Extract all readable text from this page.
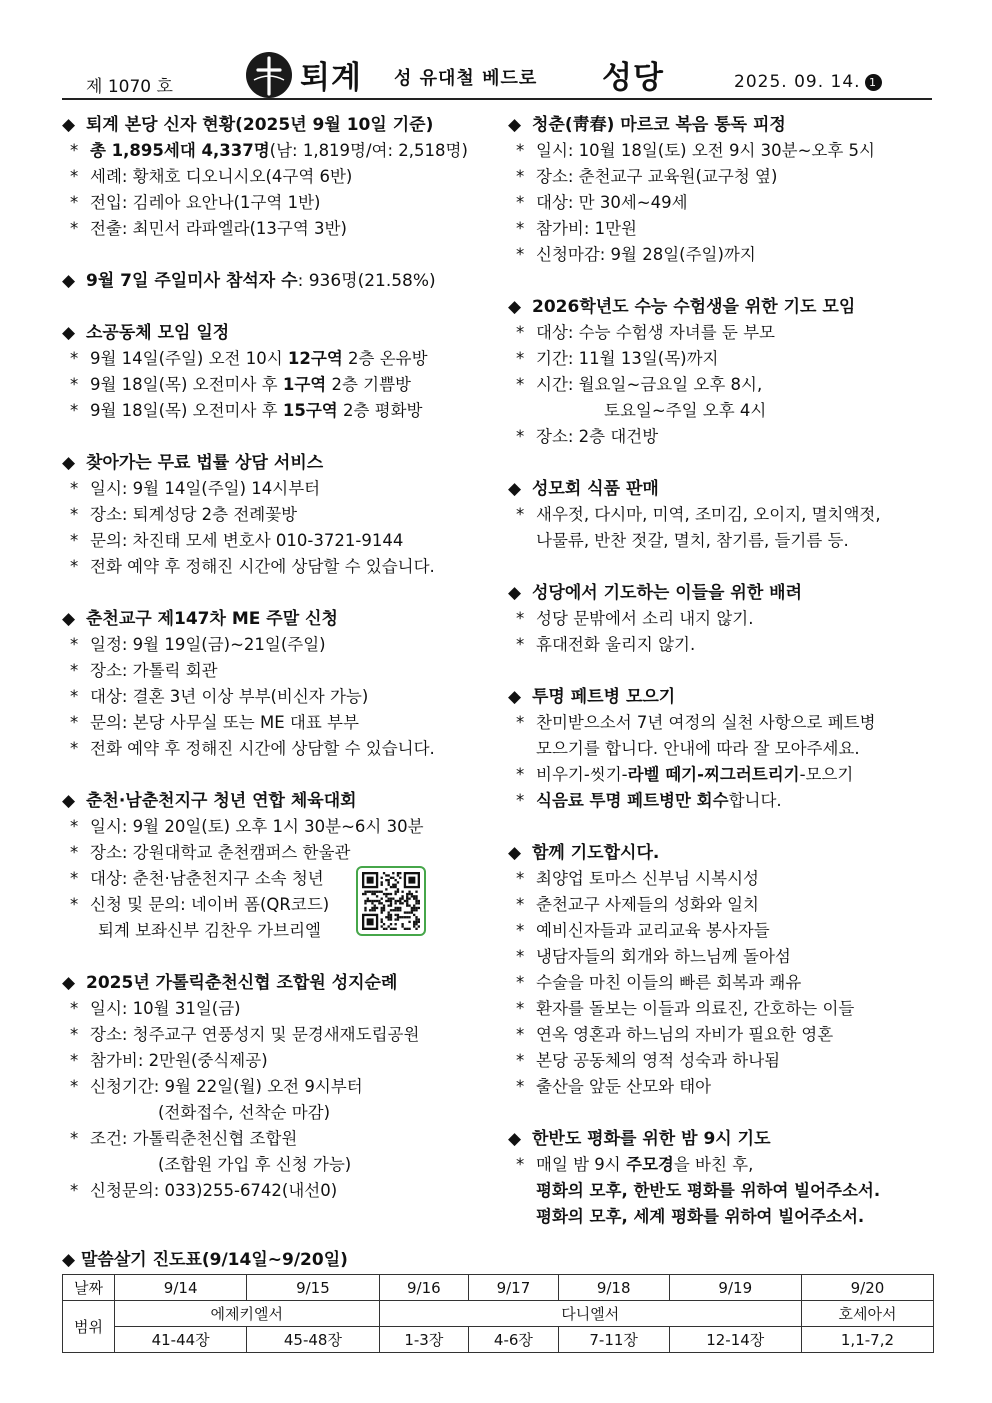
제 1070 호	퇴계 성 유대철 베드로 성당	2025. 09. 14. 1
◆ 퇴계 본당 신자 현황(2025년 9월 10일 기준)
* 총 1,895세대 4,337명(남: 1,819명/여: 2,518명)
* 세례: 황채호 디오니시오(4구역 6반)
* 전입: 김레아 요안나(1구역 1반)
* 전출: 최민서 라파엘라(13구역 3반)
◆ 9월 7일 주일미사 참석자 수: 936명(21.58%)
◆ 소공동체 모임 일정
* 9월 14일(주일) 오전 10시 12구역 2층 온유방
* 9월 18일(목) 오전미사 후 1구역 2층 기쁨방
* 9월 18일(목) 오전미사 후 15구역 2층 평화방
◆ 찾아가는 무료 법률 상담 서비스
* 일시: 9월 14일(주일) 14시부터
* 장소: 퇴계성당 2층 전례꽃방
* 문의: 차진태 모세 변호사 010-3721-9144
* 전화 예약 후 정해진 시간에 상담할 수 있습니다.
◆ 춘천교구 제147차 ME 주말 신청
* 일정: 9월 19일(금)~21일(주일)
* 장소: 가톨릭 회관
* 대상: 결혼 3년 이상 부부(비신자 가능)
* 문의: 본당 사무실 또는 ME 대표 부부
* 전화 예약 후 정해진 시간에 상담할 수 있습니다.
◆ 춘천·남춘천지구 청년 연합 체육대회
* 일시: 9월 20일(토) 오후 1시 30분~6시 30분
* 장소: 강원대학교 춘천캠퍼스 한울관
* 대상: 춘천·남춘천지구 소속 청년
* 신청 및 문의: 네이버 폼(QR코드)
퇴계 보좌신부 김찬우 가브리엘
◆ 2025년 가톨릭춘천신협 조합원 성지순례
* 일시: 10월 31일(금)
* 장소: 청주교구 연풍성지 및 문경새재도립공원
* 참가비: 2만원(중식제공)
* 신청기간: 9월 22일(월) 오전 9시부터
(전화접수, 선착순 마감)
* 조건: 가톨릭춘천신협 조합원
(조합원 가입 후 신청 가능)
* 신청문의: 033)255-6742(내선0)
◆ 청춘(靑春) 마르코 복음 통독 피정
* 일시: 10월 18일(토) 오전 9시 30분~오후 5시
* 장소: 춘천교구 교육원(교구청 옆)
* 대상: 만 30세~49세
* 참가비: 1만원
* 신청마감: 9월 28일(주일)까지
◆ 2026학년도 수능 수험생을 위한 기도 모임
* 대상: 수능 수험생 자녀를 둔 부모
* 기간: 11월 13일(목)까지
* 시간: 월요일~금요일 오후 8시,
토요일~주일 오후 4시
* 장소: 2층 대건방
◆ 성모회 식품 판매
* 새우젓, 다시마, 미역, 조미김, 오이지, 멸치액젓,
나물류, 반찬 젓갈, 멸치, 참기름, 들기름 등.
◆ 성당에서 기도하는 이들을 위한 배려
* 성당 문밖에서 소리 내지 않기.
* 휴대전화 울리지 않기.
◆ 투명 페트병 모으기
* 찬미받으소서 7년 여정의 실천 사항으로 페트병
모으기를 합니다. 안내에 따라 잘 모아주세요.
* 비우기-씻기-라벨 떼기-찌그러트리기-모으기
* 식음료 투명 페트병만 회수합니다.
◆ 함께 기도합시다.
* 최양업 토마스 신부님 시복시성
* 춘천교구 사제들의 성화와 일치
* 예비신자들과 교리교육 봉사자들
* 냉담자들의 회개와 하느님께 돌아섬
* 수술을 마친 이들의 빠른 회복과 쾌유
* 환자를 돌보는 이들과 의료진, 간호하는 이들
* 연옥 영혼과 하느님의 자비가 필요한 영혼
* 본당 공동체의 영적 성숙과 하나됨
* 출산을 앞둔 산모와 태아
◆ 한반도 평화를 위한 밤 9시 기도
* 매일 밤 9시 주모경을 바친 후,
평화의 모후, 한반도 평화를 위하여 빌어주소서.
평화의 모후, 세계 평화를 위하여 빌어주소서.
◆ 말씀살기 진도표(9/14일~9/20일)
날짜	9/14	9/15	9/16	9/17	9/18	9/19	9/20
범위	에제키엘서		다니엘서				호세아서
	41-44장	45-48장	1-3장	4-6장	7-11장	12-14장	1,1-7,2
